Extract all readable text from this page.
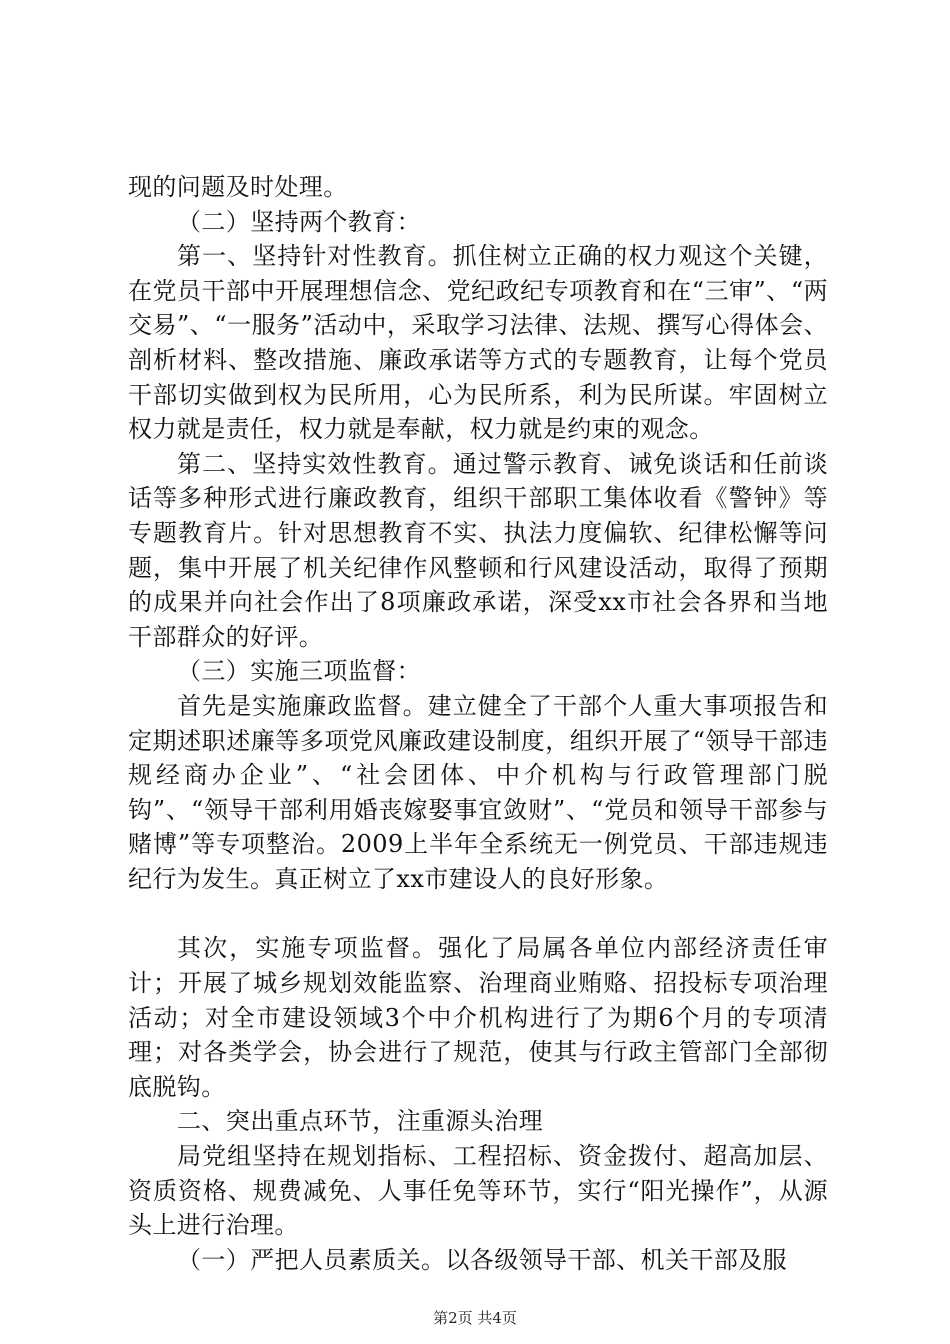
现的问题及时处理。

（二）坚持两个教育：

第一、坚持针对性教育。抓住树立正确的权力观这个关键，在党员干部中开展理想信念、党纪政纪专项教育和在“三审”、“两交易”、“一服务”活动中，采取学习法律、法规、撰写心得体会、剖析材料、整改措施、廉政承诺等方式的专题教育，让每个党员干部切实做到权为民所用，心为民所系，利为民所谋。牢固树立权力就是责任，权力就是奉献，权力就是约束的观念。

第二、坚持实效性教育。通过警示教育、诫免谈话和任前谈话等多种形式进行廉政教育，组织干部职工集体收看《警钟》等专题教育片。针对思想教育不实、执法力度偏软、纪律松懈等问题，集中开展了机关纪律作风整顿和行风建设活动，取得了预期的成果并向社会作出了8项廉政承诺，深受xx市社会各界和当地干部群众的好评。

（三）实施三项监督：

首先是实施廉政监督。建立健全了干部个人重大事项报告和定期述职述廉等多项党风廉政建设制度，组织开展了“领导干部违规经商办企业”、“社会团体、中介机构与行政管理部门脱钩”、“领导干部利用婚丧嫁娶事宜敛财”、“党员和领导干部参与赌博”等专项整治。2009上半年全系统无一例党员、干部违规违纪行为发生。真正树立了xx市建设人的良好形象。

其次，实施专项监督。强化了局属各单位内部经济责任审计；开展了城乡规划效能监察、治理商业贿赂、招投标专项治理活动；对全市建设领域3个中介机构进行了为期6个月的专项清理；对各类学会，协会进行了规范，使其与行政主管部门全部彻底脱钩。

二、突出重点环节，注重源头治理

局党组坚持在规划指标、工程招标、资金拨付、超高加层、资质资格、规费减免、人事任免等环节，实行“阳光操作”，从源头上进行治理。

（一）严把人员素质关。以各级领导干部、机关干部及服

第2页 共4页
